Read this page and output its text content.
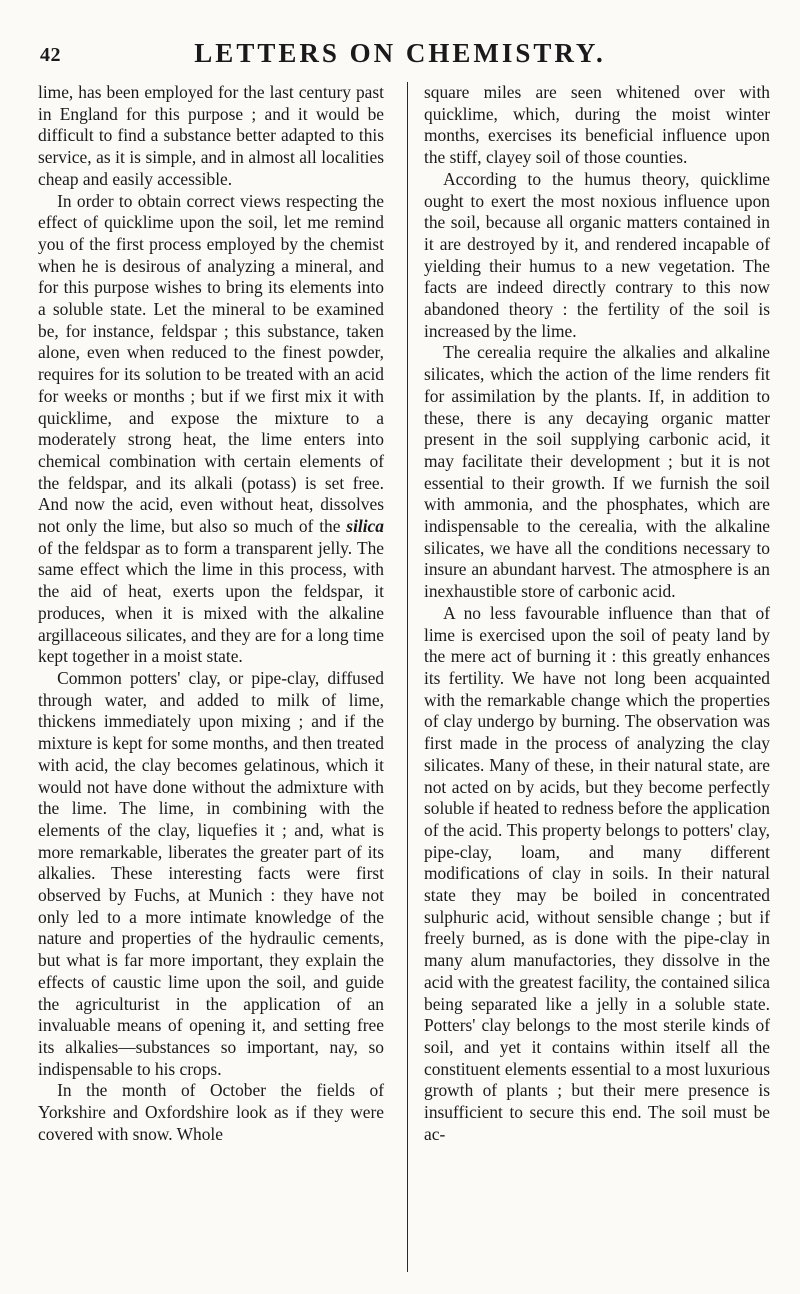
42	LETTERS ON CHEMISTRY.

lime, has been employed for the last century past in England for this purpose ; and it would be difficult to find a substance better adapted to this service, as it is simple, and in almost all localities cheap and easily accessible.

In order to obtain correct views respecting the effect of quicklime upon the soil, let me remind you of the first process employed by the chemist when he is desirous of analyzing a mineral, and for this purpose wishes to bring its elements into a soluble state. Let the mineral to be examined be, for instance, feldspar ; this substance, taken alone, even when reduced to the finest powder, requires for its solution to be treated with an acid for weeks or months ; but if we first mix it with quicklime, and expose the mixture to a moderately strong heat, the lime enters into chemical combination with certain elements of the feldspar, and its alkali (potass) is set free. And now the acid, even without heat, dissolves not only the lime, but also so much of the silica of the feldspar as to form a transparent jelly. The same effect which the lime in this process, with the aid of heat, exerts upon the feldspar, it produces, when it is mixed with the alkaline argillaceous silicates, and they are for a long time kept together in a moist state.

Common potters' clay, or pipe-clay, diffused through water, and added to milk of lime, thickens immediately upon mixing ; and if the mixture is kept for some months, and then treated with acid, the clay becomes gelatinous, which it would not have done without the admixture with the lime. The lime, in combining with the elements of the clay, liquefies it ; and, what is more remarkable, liberates the greater part of its alkalies. These interesting facts were first observed by Fuchs, at Munich : they have not only led to a more intimate knowledge of the nature and properties of the hydraulic cements, but what is far more important, they explain the effects of caustic lime upon the soil, and guide the agriculturist in the application of an invaluable means of opening it, and setting free its alkalies—substances so important, nay, so indispensable to his crops.

In the month of October the fields of Yorkshire and Oxfordshire look as if they were covered with snow. Whole

square miles are seen whitened over with quicklime, which, during the moist winter months, exercises its beneficial influence upon the stiff, clayey soil of those counties.

According to the humus theory, quicklime ought to exert the most noxious influence upon the soil, because all organic matters contained in it are destroyed by it, and rendered incapable of yielding their humus to a new vegetation. The facts are indeed directly contrary to this now abandoned theory : the fertility of the soil is increased by the lime.

The cerealia require the alkalies and alkaline silicates, which the action of the lime renders fit for assimilation by the plants. If, in addition to these, there is any decaying organic matter present in the soil supplying carbonic acid, it may facilitate their development ; but it is not essential to their growth. If we furnish the soil with ammonia, and the phosphates, which are indispensable to the cerealia, with the alkaline silicates, we have all the conditions necessary to insure an abundant harvest. The atmosphere is an inexhaustible store of carbonic acid.

A no less favourable influence than that of lime is exercised upon the soil of peaty land by the mere act of burning it : this greatly enhances its fertility. We have not long been acquainted with the remarkable change which the properties of clay undergo by burning. The observation was first made in the process of analyzing the clay silicates. Many of these, in their natural state, are not acted on by acids, but they become perfectly soluble if heated to redness before the application of the acid. This property belongs to potters' clay, pipe-clay, loam, and many different modifications of clay in soils. In their natural state they may be boiled in concentrated sulphuric acid, without sensible change ; but if freely burned, as is done with the pipe-clay in many alum manufactories, they dissolve in the acid with the greatest facility, the contained silica being separated like a jelly in a soluble state. Potters' clay belongs to the most sterile kinds of soil, and yet it contains within itself all the constituent elements essential to a most luxurious growth of plants ; but their mere presence is insufficient to secure this end. The soil must be ac-
